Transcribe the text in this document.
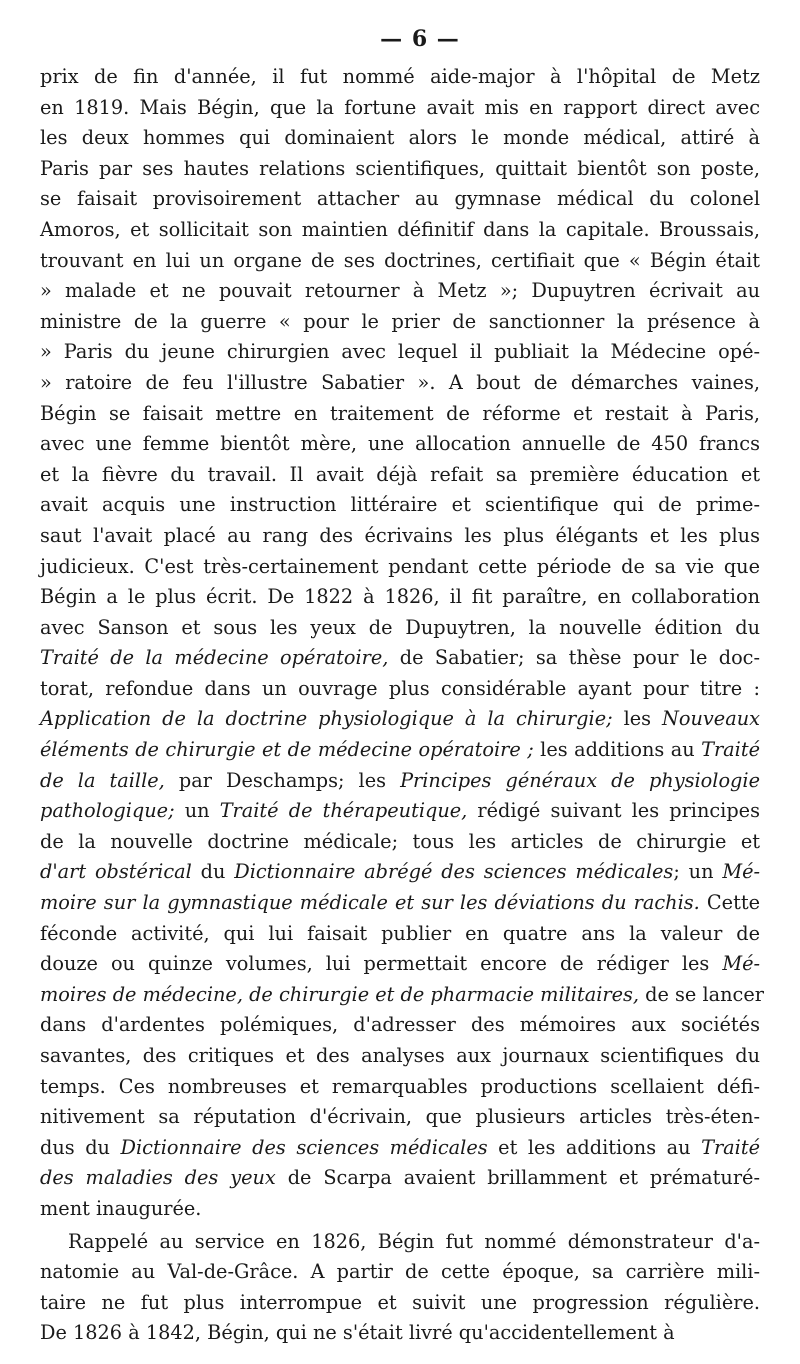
— 6 —
prix de fin d'année, il fut nommé aide-major à l'hôpital de Metz
en 1819. Mais Bégin, que la fortune avait mis en rapport direct avec
les deux hommes qui dominaient alors le monde médical, attiré à
Paris par ses hautes relations scientifiques, quittait bientôt son poste,
se faisait provisoirement attacher au gymnase médical du colonel
Amoros, et sollicitait son maintien définitif dans la capitale. Broussais,
trouvant en lui un organe de ses doctrines, certifiait que « Bégin était
» malade et ne pouvait retourner à Metz »; Dupuytren écrivait au
ministre de la guerre « pour le prier de sanctionner la présence à
» Paris du jeune chirurgien avec lequel il publiait la Médecine opé-
» ratoire de feu l'illustre Sabatier ». A bout de démarches vaines,
Bégin se faisait mettre en traitement de réforme et restait à Paris,
avec une femme bientôt mère, une allocation annuelle de 450 francs
et la fièvre du travail. Il avait déjà refait sa première éducation et
avait acquis une instruction littéraire et scientifique qui de prime-
saut l'avait placé au rang des écrivains les plus élégants et les plus
judicieux. C'est très-certainement pendant cette période de sa vie que
Bégin a le plus écrit. De 1822 à 1826, il fit paraître, en collaboration
avec Sanson et sous les yeux de Dupuytren, la nouvelle édition du
Traité de la médecine opératoire, de Sabatier; sa thèse pour le doc-
torat, refondue dans un ouvrage plus considérable ayant pour titre :
Application de la doctrine physiologique à la chirurgie; les Nouveaux
éléments de chirurgie et de médecine opératoire ; les additions au Traité
de la taille, par Deschamps; les Principes généraux de physiologie
pathologique; un Traité de thérapeutique, rédigé suivant les principes
de la nouvelle doctrine médicale; tous les articles de chirurgie et
d'art obstérical du Dictionnaire abrégé des sciences médicales; un Mé-
moire sur la gymnastique médicale et sur les déviations du rachis. Cette
féconde activité, qui lui faisait publier en quatre ans la valeur de
douze ou quinze volumes, lui permettait encore de rédiger les Mé-
moires de médecine, de chirurgie et de pharmacie militaires, de se lancer
dans d'ardentes polémiques, d'adresser des mémoires aux sociétés
savantes, des critiques et des analyses aux journaux scientifiques du
temps. Ces nombreuses et remarquables productions scellaient défi-
nitivement sa réputation d'écrivain, que plusieurs articles très-éten-
dus du Dictionnaire des sciences médicales et les additions au Traité
des maladies des yeux de Scarpa avaient brillamment et prématuré-
ment inaugurée.
Rappelé au service en 1826, Bégin fut nommé démonstrateur d'a-
natomie au Val-de-Grâce. A partir de cette époque, sa carrière mili-
taire ne fut plus interrompue et suivit une progression régulière.
De 1826 à 1842, Bégin, qui ne s'était livré qu'accidentellement à
